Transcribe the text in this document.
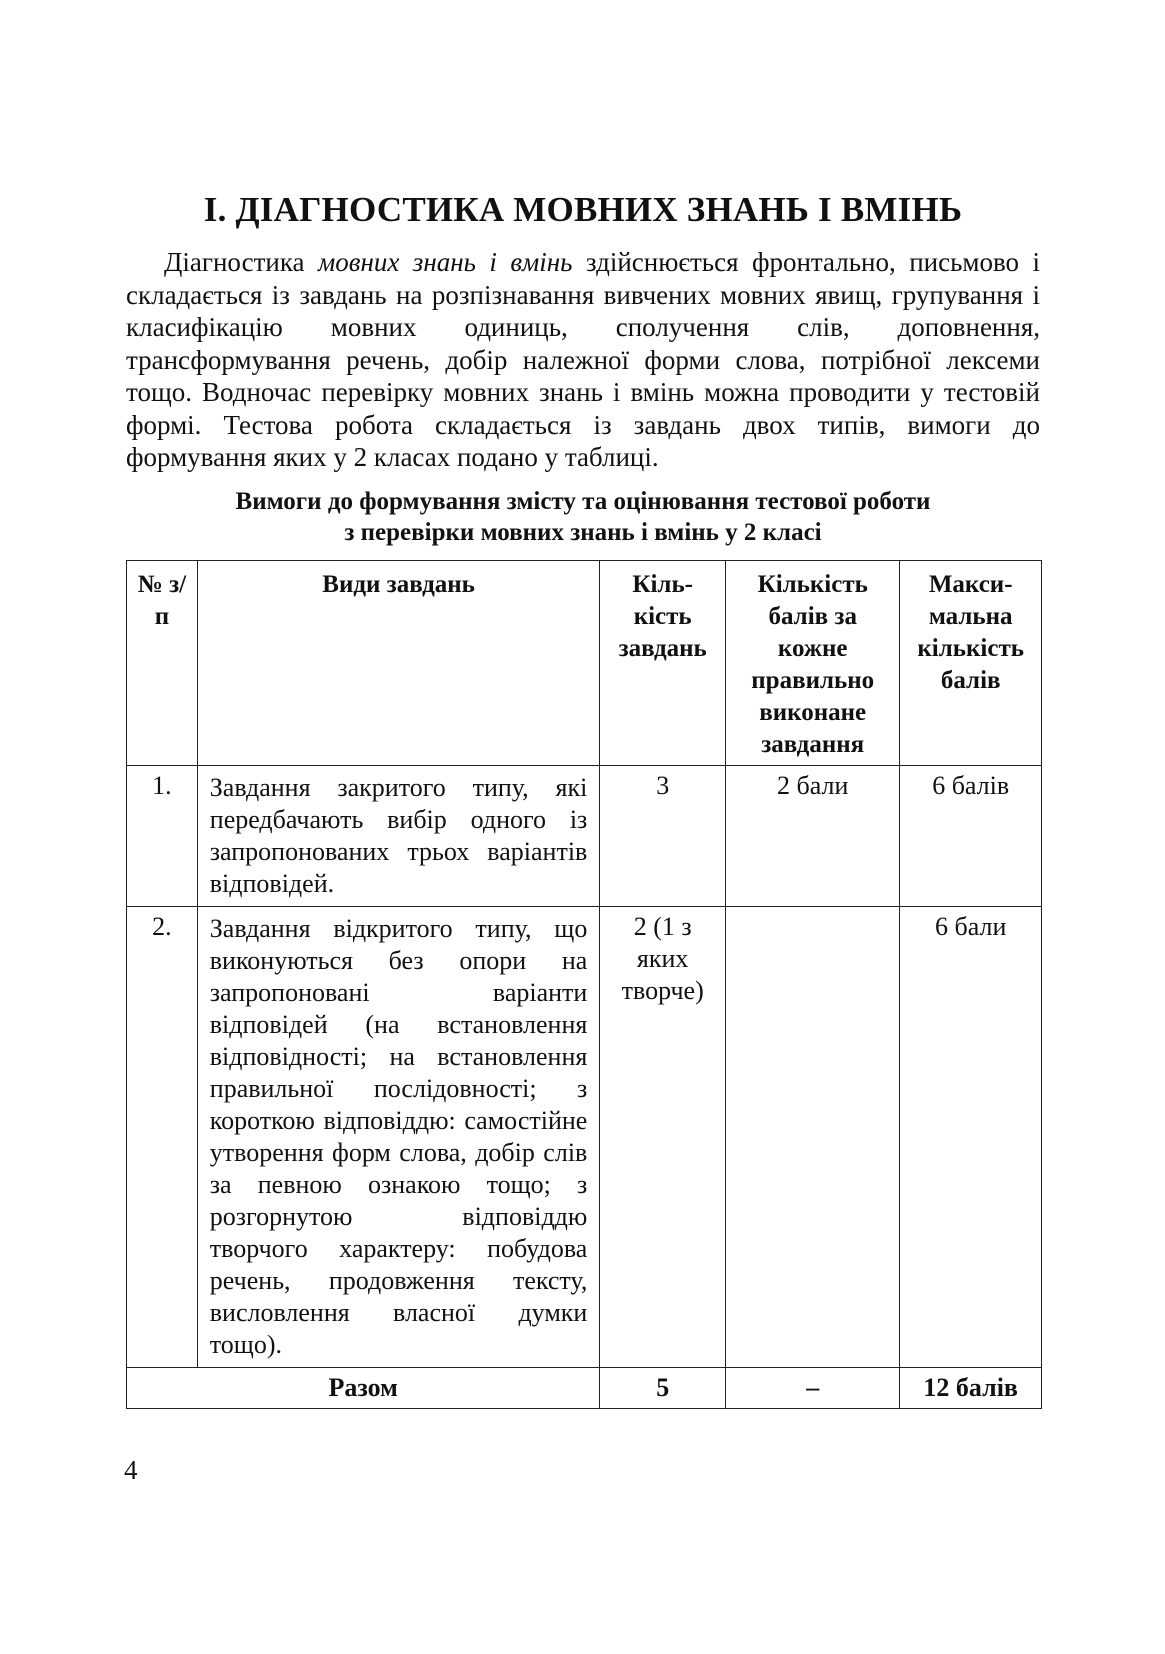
І. ДІАГНОСТИКА МОВНИХ ЗНАНЬ І ВМІНЬ

Діагностика мовних знань і вмінь здійснюється фронтально, письмово і складається із завдань на розпізнавання вивчених мовних явищ, групування і класифікацію мовних одиниць, сполучення слів, доповнення, трансформування речень, добір належної форми слова, потрібної лексеми тощо. Водночас перевірку мовних знань і вмінь можна проводити у тестовій формі. Тестова робота складається із завдань двох типів, вимоги до формування яких у 2 класах подано у таблиці.

Вимоги до формування змісту та оцінювання тестової роботи
з перевірки мовних знань і вмінь у 2 класі
№ з/п	Види завдань	Кіль- кість завдань	Кількість балів за кожне правильно виконане завдання	Макси- мальна кількість балів
1.	Завдання закритого типу, які передбачають вибір одного із запропонованих трьох варіантів відповідей.	3	2 бали	6 балів
2.	Завдання відкритого типу, що виконуються без опори на запропоновані варіанти відповідей (на встановлення відповідності; на встановлення правильної послідовності; з короткою відповіддю: самостійне утворення форм слова, добір слів за певною ознакою тощо; з розгорнутою відповіддю творчого характеру: побудова речень, продовження тексту, висловлення власної думки тощо).	2 (1 з яких творче)		6 бали
Разом		5	–	12 балів
4
